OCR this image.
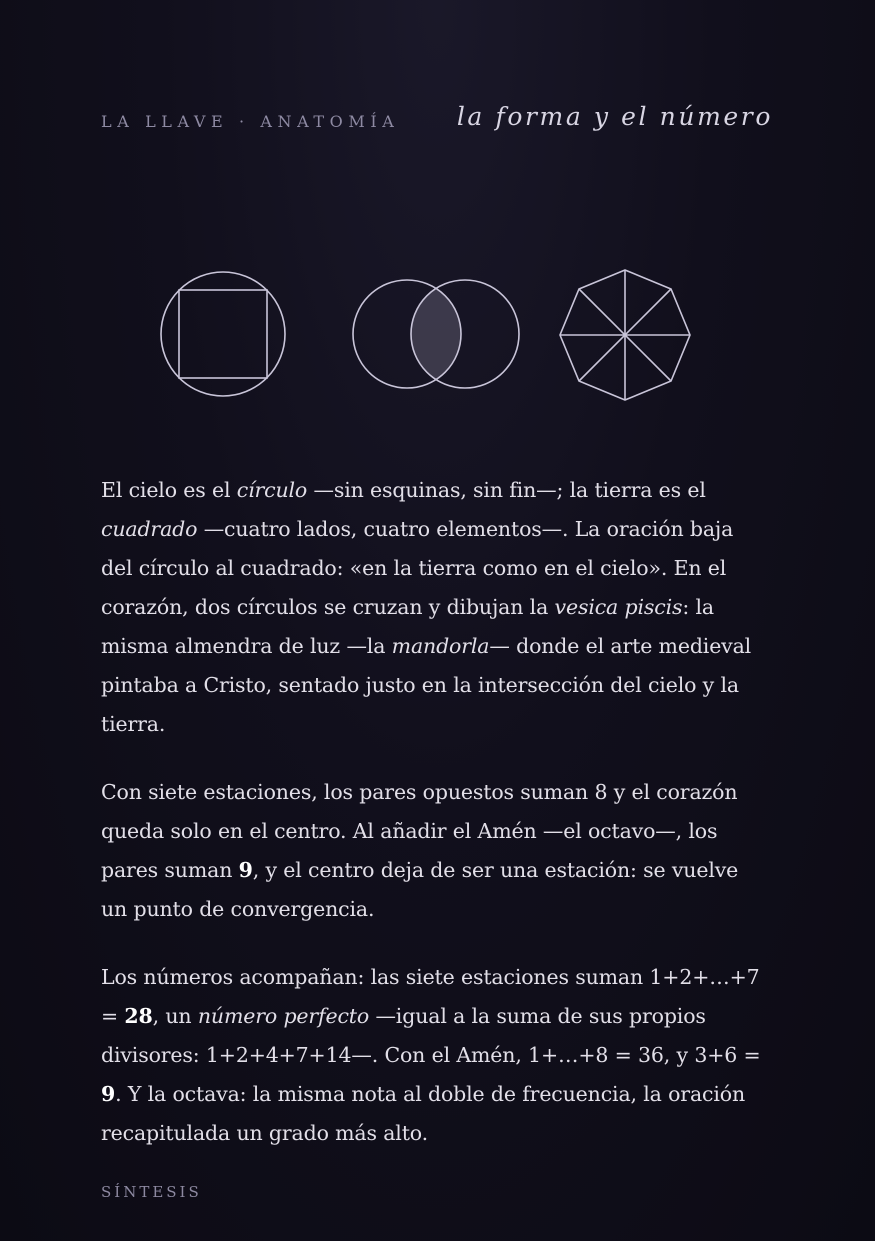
LA LLAVE · ANATOMÍA la forma y el número

El cielo es el círculo —sin esquinas, sin fin—; la tierra es el cuadrado —cuatro lados, cuatro elementos—. La oración baja del círculo al cuadrado: «en la tierra como en el cielo». En el corazón, dos círculos se cruzan y dibujan la vesica piscis: la misma almendra de luz —la mandorla— donde el arte medieval pintaba a Cristo, sentado justo en la intersección del cielo y la tierra.

Con siete estaciones, los pares opuestos suman 8 y el corazón queda solo en el centro. Al añadir el Amén —el octavo—, los pares suman 9, y el centro deja de ser una estación: se vuelve un punto de convergencia.

Los números acompañan: las siete estaciones suman 1+2+…+7 = 28, un número perfecto —igual a la suma de sus propios divisores: 1+2+4+7+14—. Con el Amén, 1+…+8 = 36, y 3+6 = 9. Y la octava: la misma nota al doble de frecuencia, la oración recapitulada un grado más alto.

SÍNTESIS
